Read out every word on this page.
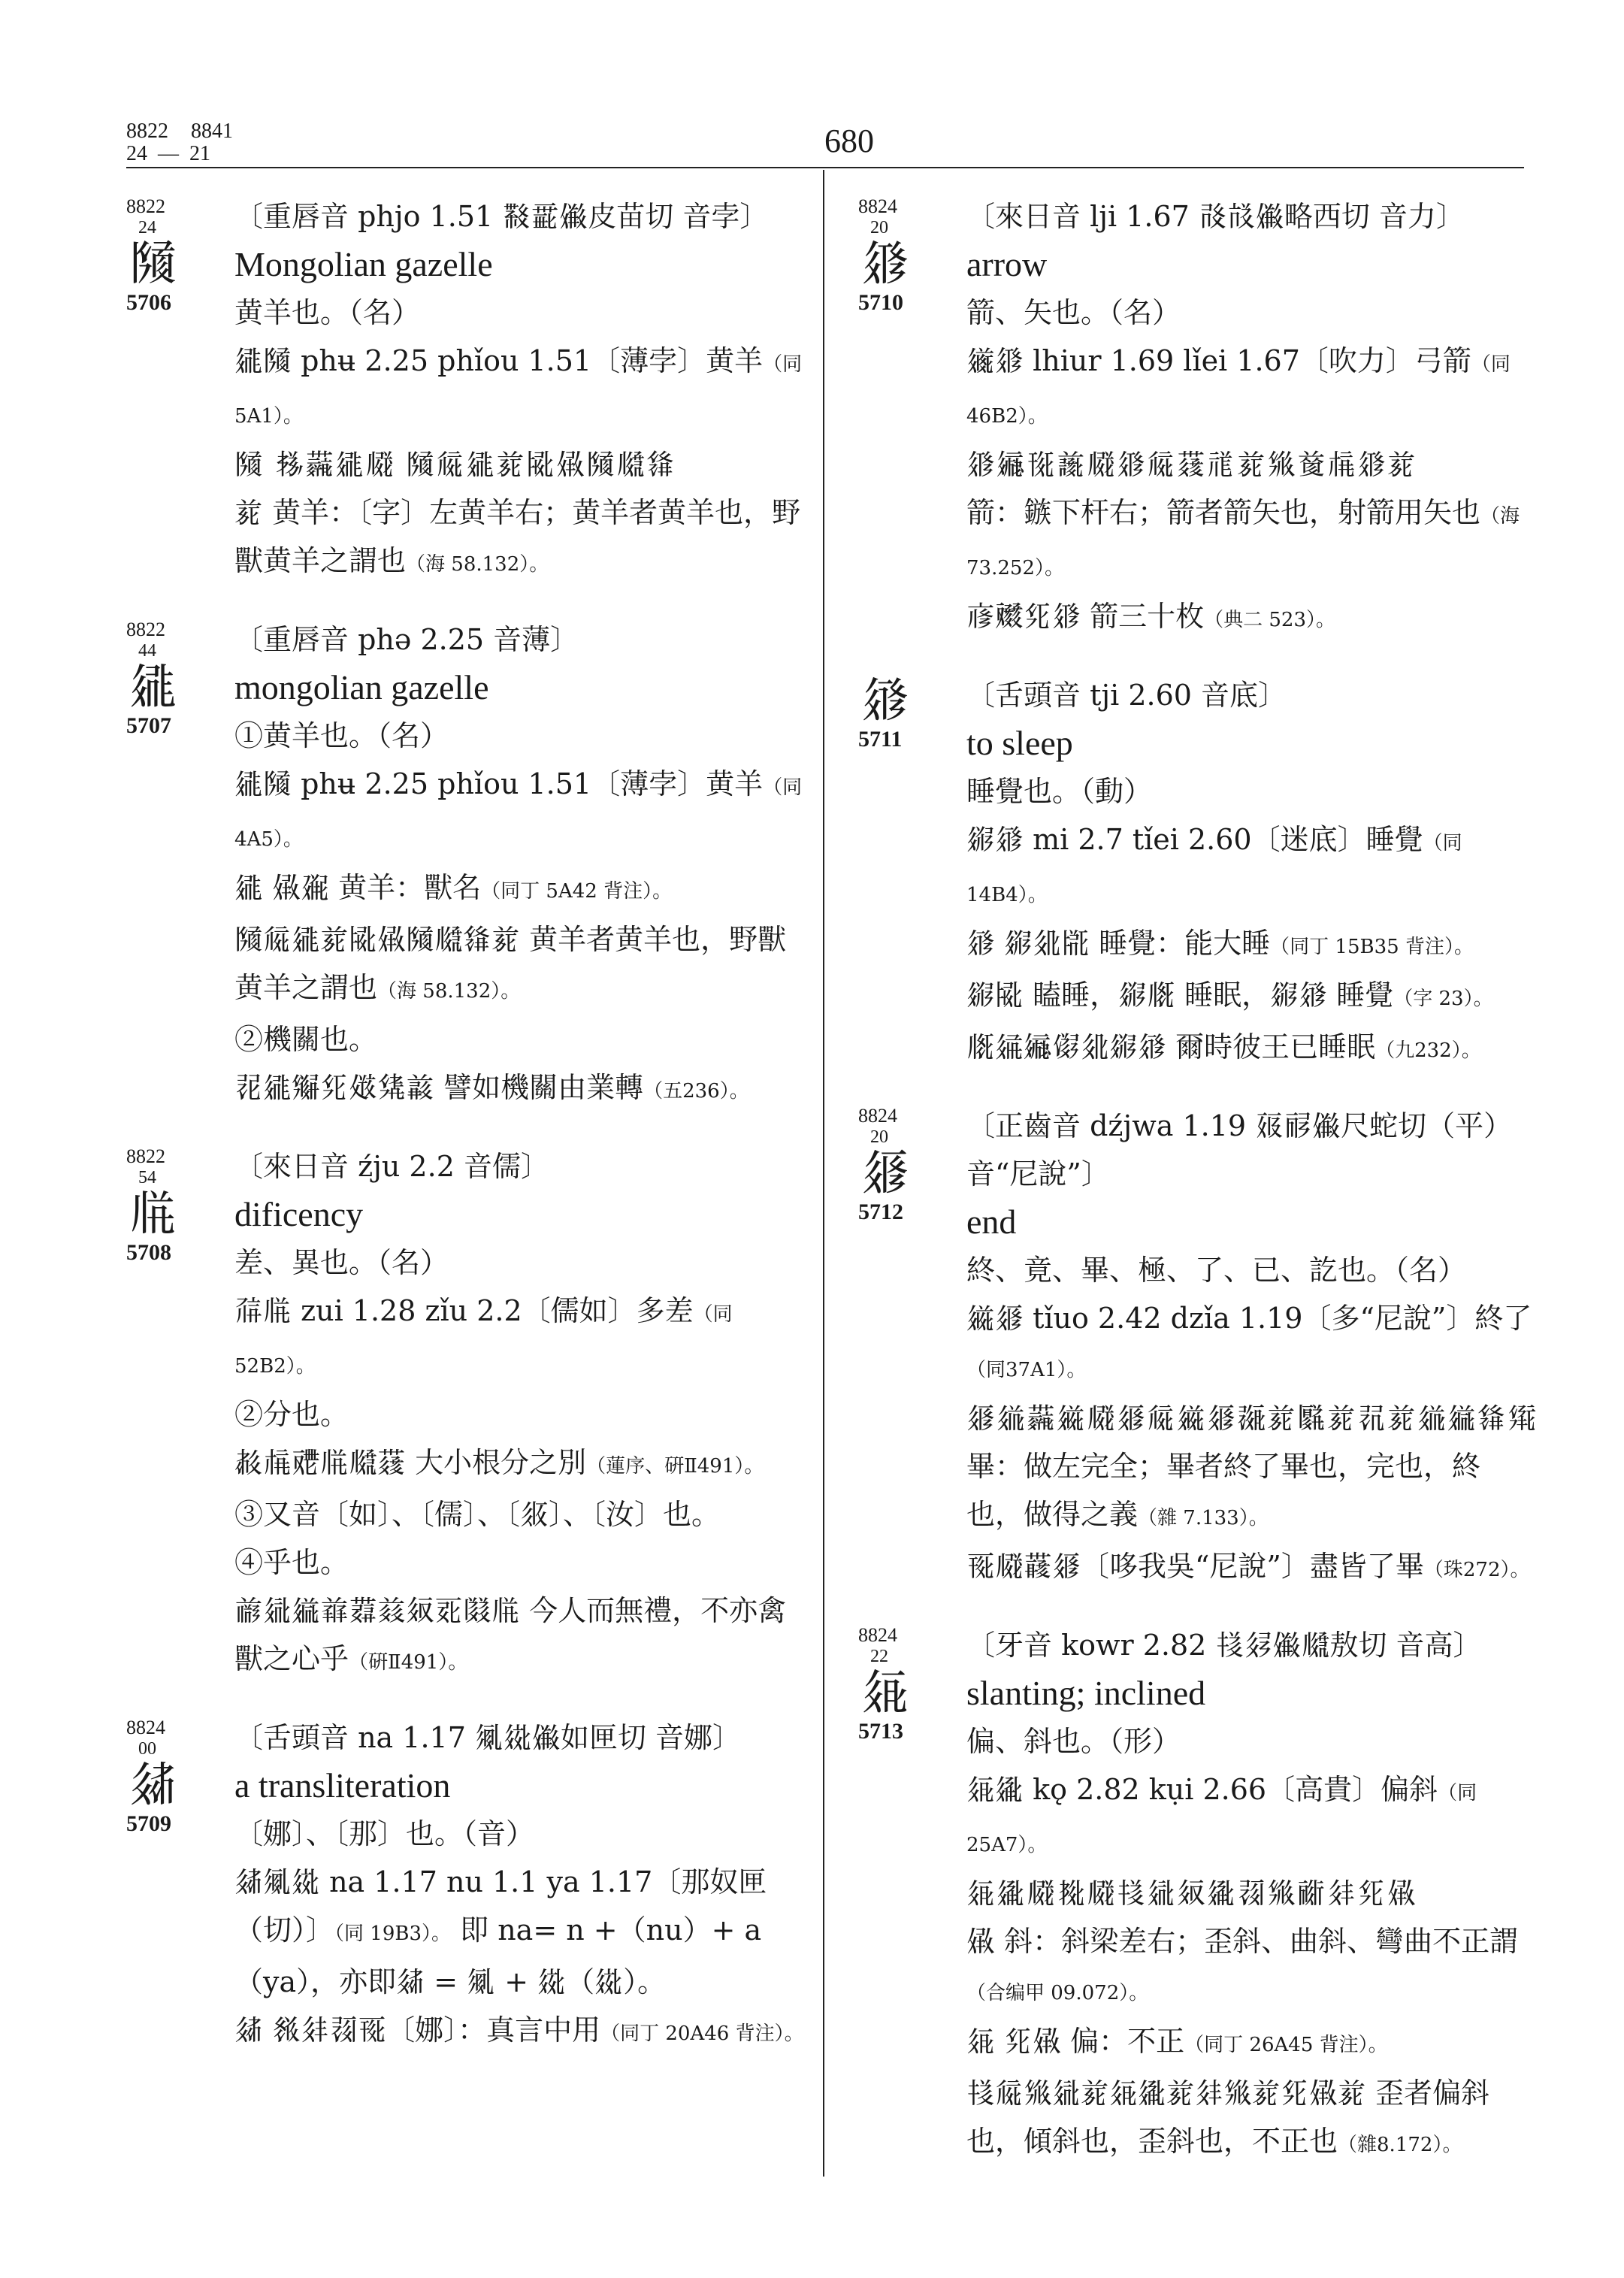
8822 8841
24 — 21	680
8822
24
𗂧
5706
〔重唇音 phjo 1.51 𘜶𗴷𗏹皮苗切 音孛〕
Mongolian gazelle
黄羊也。（名）
𗧓𗂧 phʉ 2.25 phǐou 1.51〔薄孛〕黄羊（同5A1）。
𗂧 𗈪𗟔𗧓𗆧 𗂧𗏁𗧓𗐱𗎫𗏣𗂧𗆮𗌭
𗐱 黄羊：〔字〕左黄羊右；黄羊者黄羊也，野獸黄羊之謂也（海 58.132）。
8822
44
𗧓
5707
〔重唇音 phə 2.25 音薄〕
mongolian gazelle
①黄羊也。（名）
𗧓𗂧 phʉ 2.25 phǐou 1.51〔薄孛〕黄羊（同4A5）。
𗧓 𗏣𗘂 黄羊：獸名（同丁 5A42 背注）。
𗂧𗏁𗧓𗐱𗎫𗏣𗂧𗆮𗌭𗐱 黄羊者黄羊也，野獸黄羊之謂也（海 58.132）。
②機關也。
𗕿𗧓𗌗𗉺𗐉𗊻𗓁 譬如機關由業轉（五236）。
8822
54
𗄼
5708
〔來日音 źju 2.2 音儒〕
dificency
差、異也。（名）
𗗚𗄼 zui 1.28 zǐu 2.2〔儒如〕多差（同 52B2）。
②分也。
𗳒𗍫𗠷𗄼𗆮𗝡 大小根分之別（蓮序、硏Ⅱ491）。
③又音〔如〕、〔儒〕、〔𗼇〕、〔汝〕也。
④乎也。
𗑗𗣼𗨉𗒐𗝵𗑠𗢸𗀉𗂸𗄼 今人而無禮，不亦禽獸之心乎（硏Ⅱ491）。
8824
00
𗣅
5709
〔舌頭音 na 1.17 𗏇𗥞𗏹如匣切 音娜〕
a transliteration
〔娜〕、〔那〕也。（音）
𗣅𗏇𗥞 na 1.17 nu 1.1 ya 1.17〔那奴匣（切）〕（同 19B3）。 即 na= n +（nu）+ a（ya），亦即𗣅 = 𗏇 + 𗥞（𗥞）。
𗣅 𗬩𗢳𗖌𗀔〔娜〕：真言中用（同丁 20A46 背注）。
8824
20
𗤁
5710
〔來日音 lji 1.67 𗰗𗭊𗏹略西切 音力〕
arrow
箭、矢也。（名）
𗫂𗤁 lhiur 1.69 lǐei 1.67〔吹力〕弓箭（同46B2）。
𗤁𗩾𗍁𗔫𗆧𗤁𗏁𗝡𗙏𗐱𗊱𗒹𗍫𗤁𗐱
箭：鏃下杆右；箭者箭矢也，射箭用矢也（海73.252）。
𗇋𗡝𗉺𗤁 箭三十枚（典二 523）。
𗤂
5711
〔舌頭音 tji 2.60 音底〕
to sleep
睡覺也。（動）
𗥩𗤂 mi 2.7 tǐei 2.60〔迷底〕睡覺（同 14B4）。
𗤂 𗥩𗢭𗎭 睡覺：能大睡（同丁 15B35 背注）。
𗥩𗎫 瞌睡，𗥩𗅋 睡眠，𗥩𗤂 睡覺（字 23）。
𗅋𗤭𗩾𗃮𗢭𗥩𗤂 爾時彼王已睡眠（九232）。
8824
20
𗤃
5712
〔正齒音 dźjwa 1.19 𗡞𗟲𗏹尺蛇切（平）音“尼說”〕
end
終、竟、畢、極、了、已、訖也。（名）
𗨊𗤃 tǐuo 2.42 dzǐa 1.19〔多“尼說”〕終了（同37A1）。
𗤃𗥤𗟔𗨊𗆧𗤃𗏁𗨊𗤃𗖶𗐱𗃅𗐱𗕾𗐱𗥤𗨉𗌭𗋕
畢：做左完全；畢者終了畢也，完也，終也，做得之義（雜 7.133）。
𗀔𗆧𗞞𗤃〔哆我吳“尼說”〕盡皆了畢（珠272）。
8824
22
𗤄
5713
〔牙音 kowr 2.82 𗍣𗢮𗏹𗆮敖切 音高〕
slanting; inclined
偏、斜也。（形）
𗤄𗥻 kǫ 2.82 kụi 2.66〔高貴〕偏斜（同 25A7）。
𗤄𗥻𗆧𗗧𗆧𗍣𗣼𗢸𗥻𗖌𗊱𗠁𗢳𗉺𗏣
𗏣 斜：斜梁差右；歪斜、曲斜、彎曲不正謂（合编甲 09.072）。
𗤄 𗉺𗏣 偏：不正（同丁 26A45 背注）。
𗍣𗏁𗊱𗣼𗐱𗤄𗥻𗐱𗢳𗊱𗐱𗉺𗏣𗐱 歪者偏斜也，傾斜也，歪斜也，不正也（雜8.172）。
